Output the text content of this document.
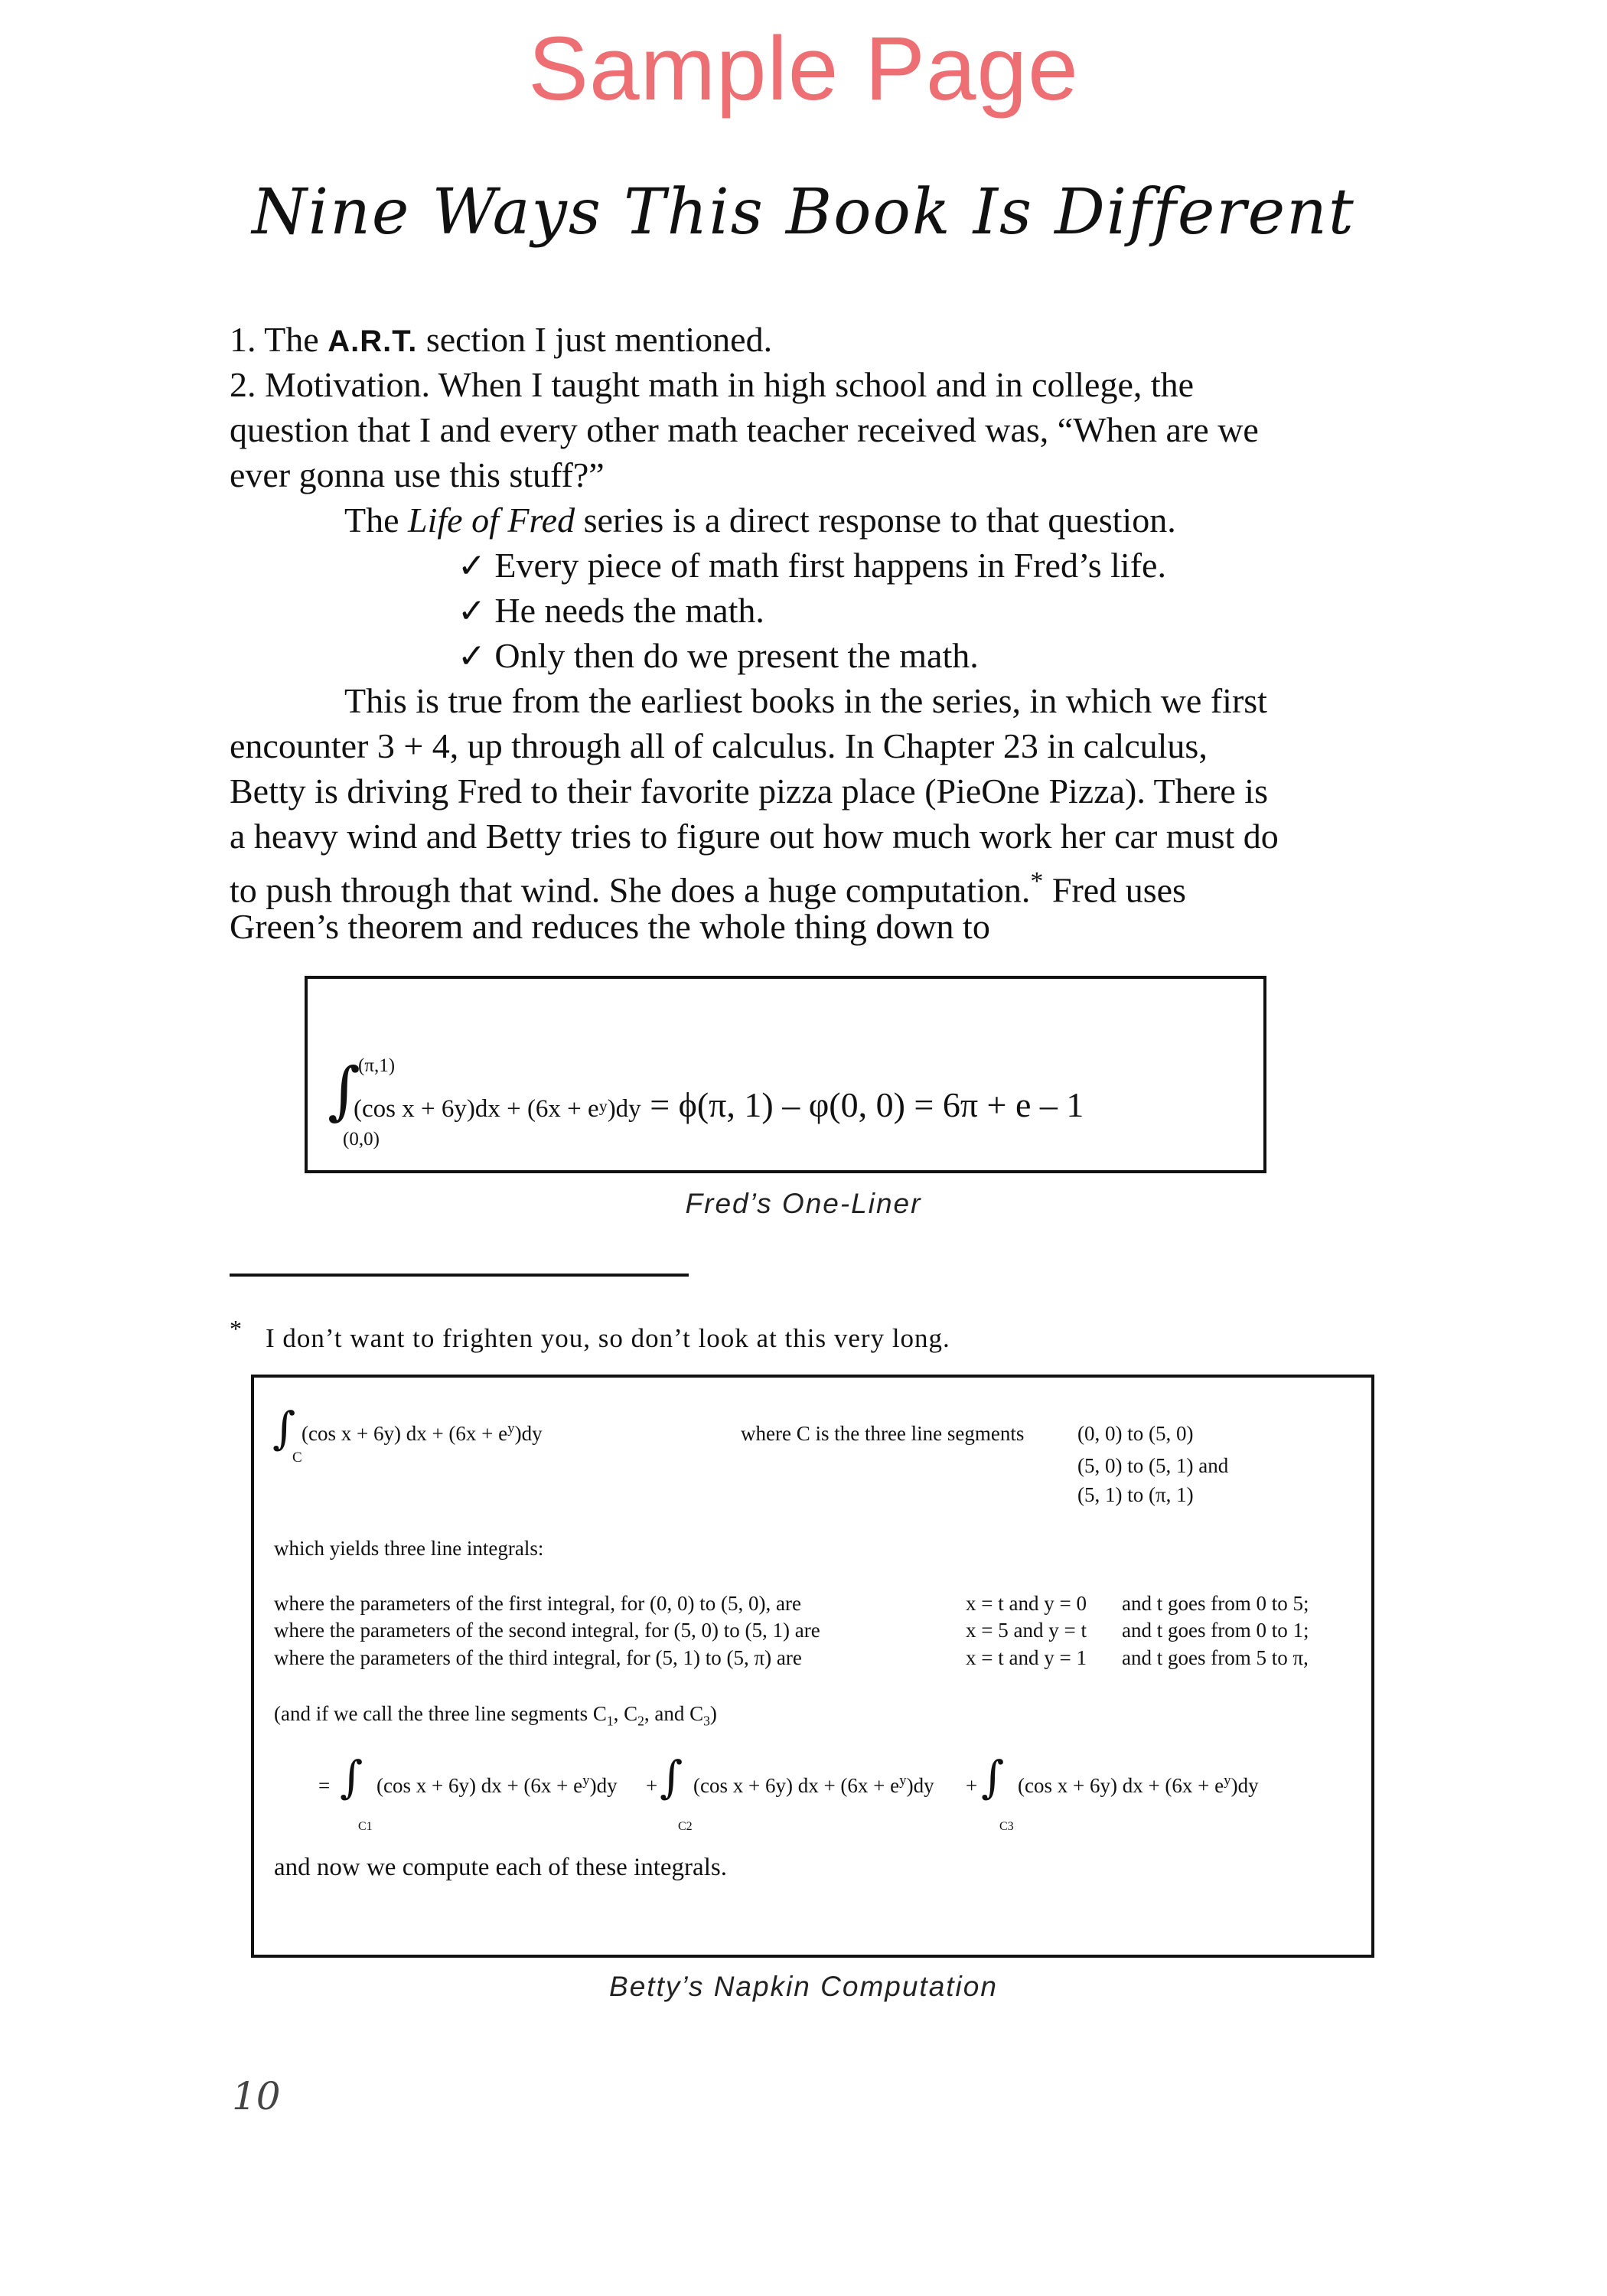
Sample Page
Nine Ways This Book Is Different
1. The A.R.T. section I just mentioned.
2. Motivation. When I taught math in high school and in college, the
question that I and every other math teacher received was, “When are we
ever gonna use this stuff?”
The Life of Fred series is a direct response to that question.
✓ Every piece of math first happens in Fred’s life.
✓ He needs the math.
✓ Only then do we present the math.
This is true from the earliest books in the series, in which we first
encounter 3 + 4, up through all of calculus. In Chapter 23 in calculus,
Betty is driving Fred to their favorite pizza place (PieOne Pizza). There is
a heavy wind and Betty tries to figure out how much work her car must do
to push through that wind. She does a huge computation.* Fred uses
Green’s theorem and reduces the whole thing down to
(π,1)
∫
(0,0)
(cos x + 6y)dx + (6x + ey)dy = ϕ(π, 1) – φ(0, 0) = 6π + e – 1
Fred’s One-Liner
* I don’t want to frighten you, so don’t look at this very long.
∫
C
(cos x + 6y) dx + $(6x + e^y)dy$	where C is the three line segments	(0, 0) to (5, 0)
(5, 0) to (5, 1) and
(5, 1) to (π, 1)
which yields three line integrals:
where the parameters of the first integral, for (0, 0) to (5, 0), are	x = t and y = 0 and t goes from 0 to 5;
where the parameters of the second integral, for (5, 0) to (5, 1) are	x = 5 and y = t and t goes from 0 to 1;
where the parameters of the third integral, for (5, 1) to (5, π) are	x = t and y = 1 and t goes from 5 to π,
(and if we call the three line segments $C_1$, $C_2$, and $C_3$)
= ∫
C1
(cos x + 6y) dx + $(6x + e^y)dy$ + ∫
C2
(cos x + 6y) dx + $(6x + e^y)dy$ + ∫
C3
(cos x + 6y) dx + $(6x + e^y)dy$
and now we compute each of these integrals.
Betty’s Napkin Computation
10
